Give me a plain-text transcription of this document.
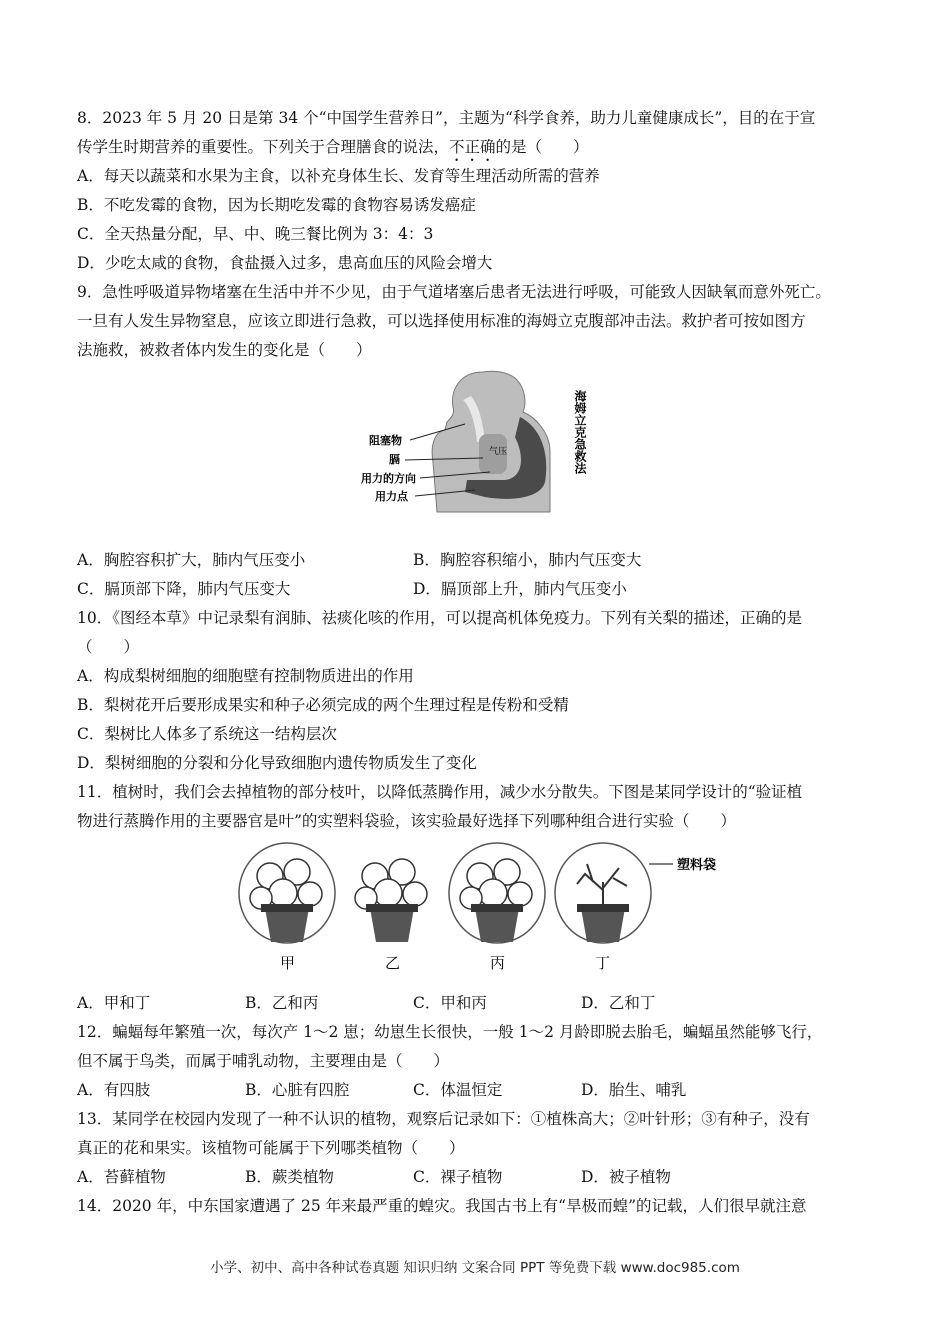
8．2023 年 5 月 20 日是第 34 个“中国学生营养日”，主题为“科学食养，助力儿童健康成长”，目的在于宣
传学生时期营养的重要性。下列关于合理膳食的说法，不正确的是（　　）
A．每天以蔬菜和水果为主食，以补充身体生长、发育等生理活动所需的营养
B．不吃发霉的食物，因为长期吃发霉的食物容易诱发癌症
C．全天热量分配，早、中、晚三餐比例为 3：4：3
D．少吃太咸的食物，食盐摄入过多，患高血压的风险会增大
9．急性呼吸道异物堵塞在生活中并不少见，由于气道堵塞后患者无法进行呼吸，可能致人因缺氧而意外死亡。
一旦有人发生异物窒息，应该立即进行急救，可以选择使用标准的海姆立克腹部冲击法。救护者可按如图方
法施救，被救者体内发生的变化是（　　）
阻塞物
膈
用力的方向
用力点
气压	海姆立克急救法
A．胸腔容积扩大，肺内气压变小	B．胸腔容积缩小，肺内气压变大
C．膈顶部下降，肺内气压变大	D．膈顶部上升，肺内气压变小
10．《图经本草》中记录梨有润肺、祛痰化咳的作用，可以提高机体免疫力。下列有关梨的描述，正确的是
（　　）
A．构成梨树细胞的细胞壁有控制物质进出的作用
B．梨树花开后要形成果实和种子必须完成的两个生理过程是传粉和受精
C．梨树比人体多了系统这一结构层次
D．梨树细胞的分裂和分化导致细胞内遗传物质发生了变化
11．植树时，我们会去掉植物的部分枝叶，以降低蒸腾作用，减少水分散失。下图是某同学设计的“验证植
物进行蒸腾作用的主要器官是叶”的实塑料袋验，该实验最好选择下列哪种组合进行实验（　　）
甲	乙	丙	丁
塑料袋
A．甲和丁	B．乙和丙	C．甲和丙	D．乙和丁
12．蝙蝠每年繁殖一次，每次产 1～2 崽；幼崽生长很快，一般 1～2 月龄即脱去胎毛，蝙蝠虽然能够飞行，
但不属于鸟类，而属于哺乳动物，主要理由是（　　）
A．有四肢	B．心脏有四腔	C．体温恒定	D．胎生、哺乳
13．某同学在校园内发现了一种不认识的植物，观察后记录如下：①植株高大；②叶针形；③有种子，没有
真正的花和果实。该植物可能属于下列哪类植物（　　）
A．苔藓植物	B．蕨类植物	C．裸子植物	D．被子植物
14．2020 年，中东国家遭遇了 25 年来最严重的蝗灾。我国古书上有“旱极而蝗”的记载，人们很早就注意
小学、初中、高中各种试卷真题 知识归纳 文案合同 PPT 等免费下载 www.doc985.com
